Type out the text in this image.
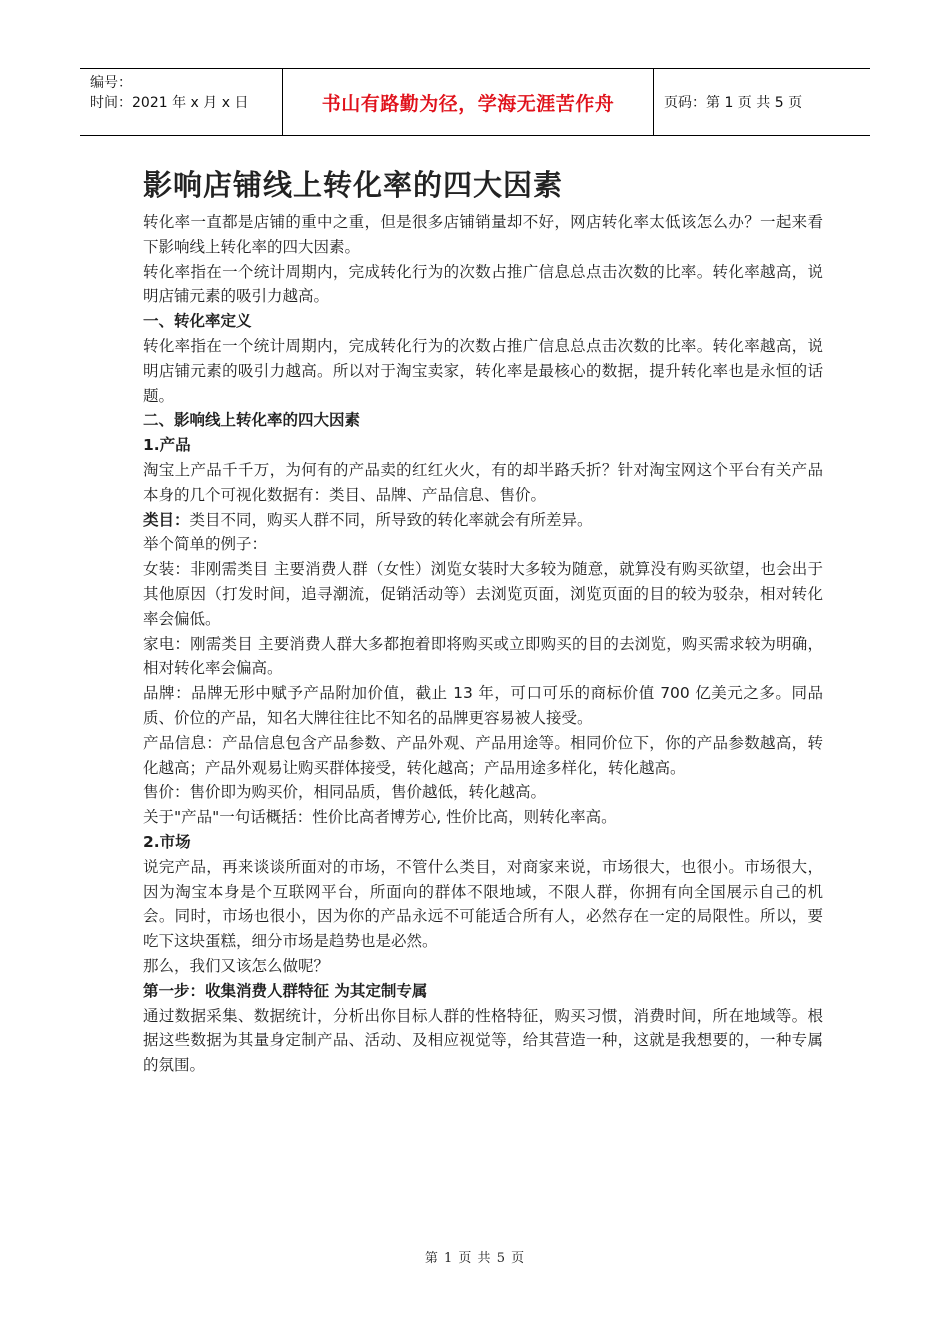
编号：
时间：2021 年 x 月 x 日	书山有路勤为径，学海无涯苦作舟	页码：第 1 页 共 5 页
影响店铺线上转化率的四大因素

转化率一直都是店铺的重中之重，但是很多店铺销量却不好，网店转化率太低该怎么办？一起来看下影响线上转化率的四大因素。

转化率指在一个统计周期内，完成转化行为的次数占推广信息总点击次数的比率。转化率越高，说明店铺元素的吸引力越高。

一、转化率定义

转化率指在一个统计周期内，完成转化行为的次数占推广信息总点击次数的比率。转化率越高，说明店铺元素的吸引力越高。所以对于淘宝卖家，转化率是最核心的数据，提升转化率也是永恒的话题。

二、影响线上转化率的四大因素

1.产品

淘宝上产品千千万，为何有的产品卖的红红火火，有的却半路夭折？针对淘宝网这个平台有关产品本身的几个可视化数据有：类目、品牌、产品信息、售价。

类目：类目不同，购买人群不同，所导致的转化率就会有所差异。

举个简单的例子：

女装：非刚需类目 主要消费人群（女性）浏览女装时大多较为随意，就算没有购买欲望，也会出于其他原因（打发时间，追寻潮流，促销活动等）去浏览页面，浏览页面的目的较为驳杂，相对转化率会偏低。

家电：刚需类目 主要消费人群大多都抱着即将购买或立即购买的目的去浏览，购买需求较为明确，相对转化率会偏高。

品牌：品牌无形中赋予产品附加价值，截止 13 年，可口可乐的商标价值 700 亿美元之多。同品质、价位的产品，知名大牌往往比不知名的品牌更容易被人接受。

产品信息：产品信息包含产品参数、产品外观、产品用途等。相同价位下，你的产品参数越高，转化越高；产品外观易让购买群体接受，转化越高；产品用途多样化，转化越高。

售价：售价即为购买价，相同品质，售价越低，转化越高。

关于"产品"一句话概括：性价比高者博芳心, 性价比高，则转化率高。

2.市场

说完产品，再来谈谈所面对的市场，不管什么类目，对商家来说，市场很大，也很小。市场很大，因为淘宝本身是个互联网平台，所面向的群体不限地域，不限人群，你拥有向全国展示自己的机会。同时，市场也很小，因为你的产品永远不可能适合所有人，必然存在一定的局限性。所以，要吃下这块蛋糕，细分市场是趋势也是必然。

那么，我们又该怎么做呢？

第一步：收集消费人群特征 为其定制专属

通过数据采集、数据统计，分析出你目标人群的性格特征，购买习惯，消费时间，所在地域等。根据这些数据为其量身定制产品、活动、及相应视觉等，给其营造一种，这就是我想要的，一种专属的氛围。

第 1 页 共 5 页
